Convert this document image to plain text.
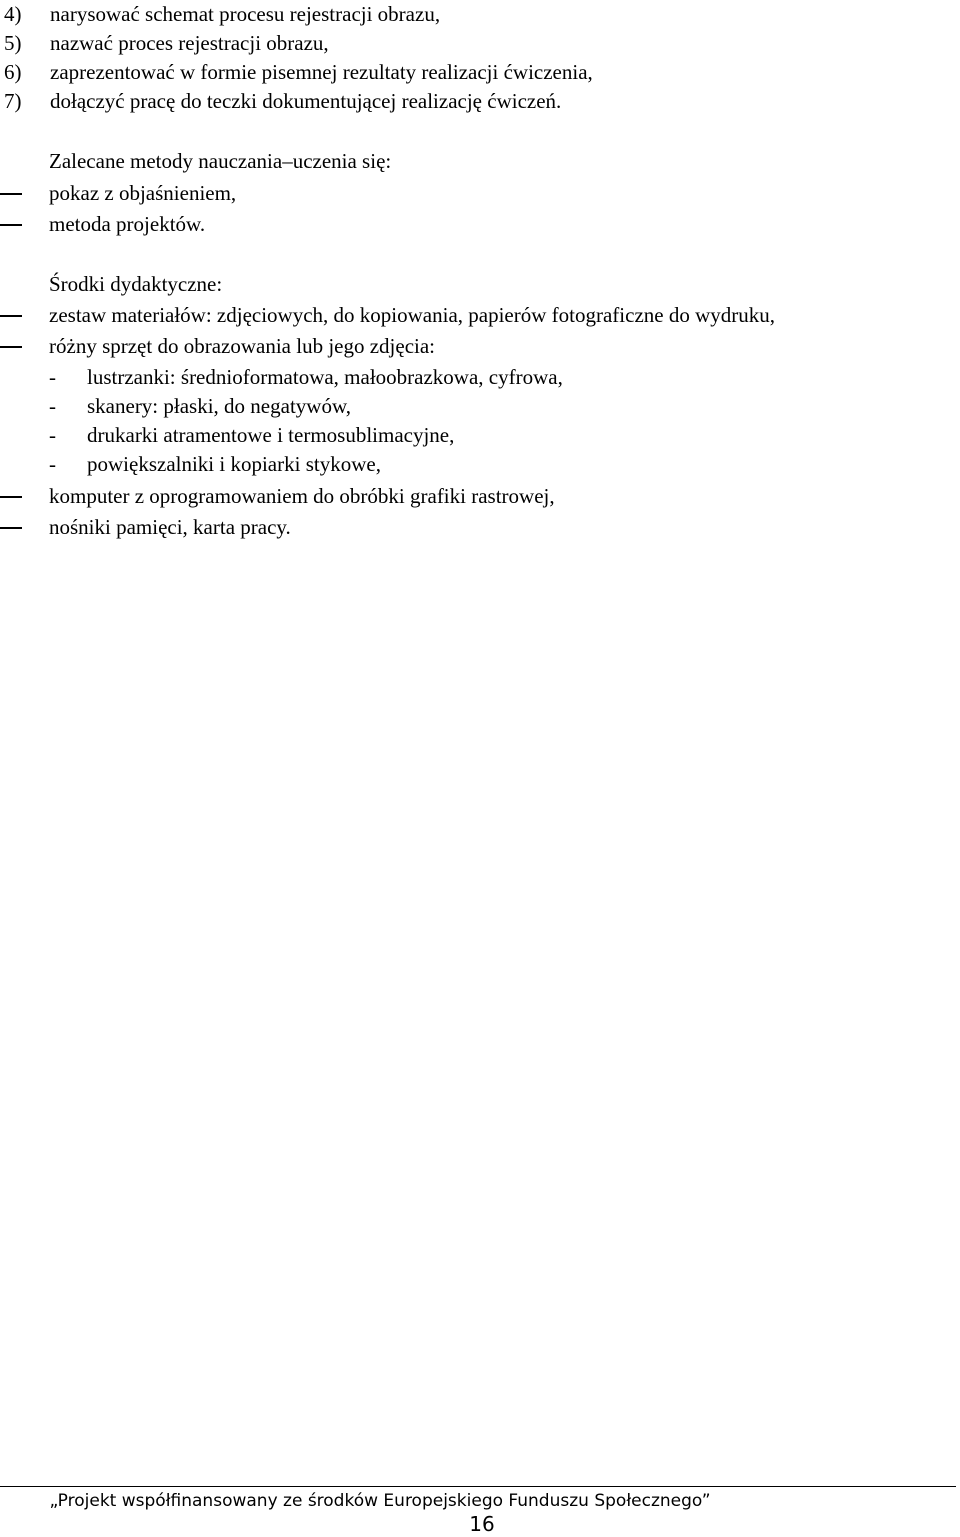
4) narysować schemat procesu rejestracji obrazu,
5) nazwać proces rejestracji obrazu,
6) zaprezentować w formie pisemnej rezultaty realizacji ćwiczenia,
7) dołączyć pracę do teczki dokumentującej realizację ćwiczeń.
Zalecane metody nauczania–uczenia się:
pokaz z objaśnieniem,
metoda projektów.
Środki dydaktyczne:
zestaw materiałów: zdjęciowych, do kopiowania, papierów fotograficzne do wydruku,
różny sprzęt do obrazowania lub jego zdjęcia:
- lustrzanki: średnioformatowa, małoobrazkowa, cyfrowa,
- skanery: płaski, do negatywów,
- drukarki atramentowe i termosublimacyjne,
- powiększalniki i kopiarki stykowe,
komputer z oprogramowaniem do obróbki grafiki rastrowej,
nośniki pamięci, karta pracy.
„Projekt współfinansowany ze środków Europejskiego Funduszu Społecznego”
16
